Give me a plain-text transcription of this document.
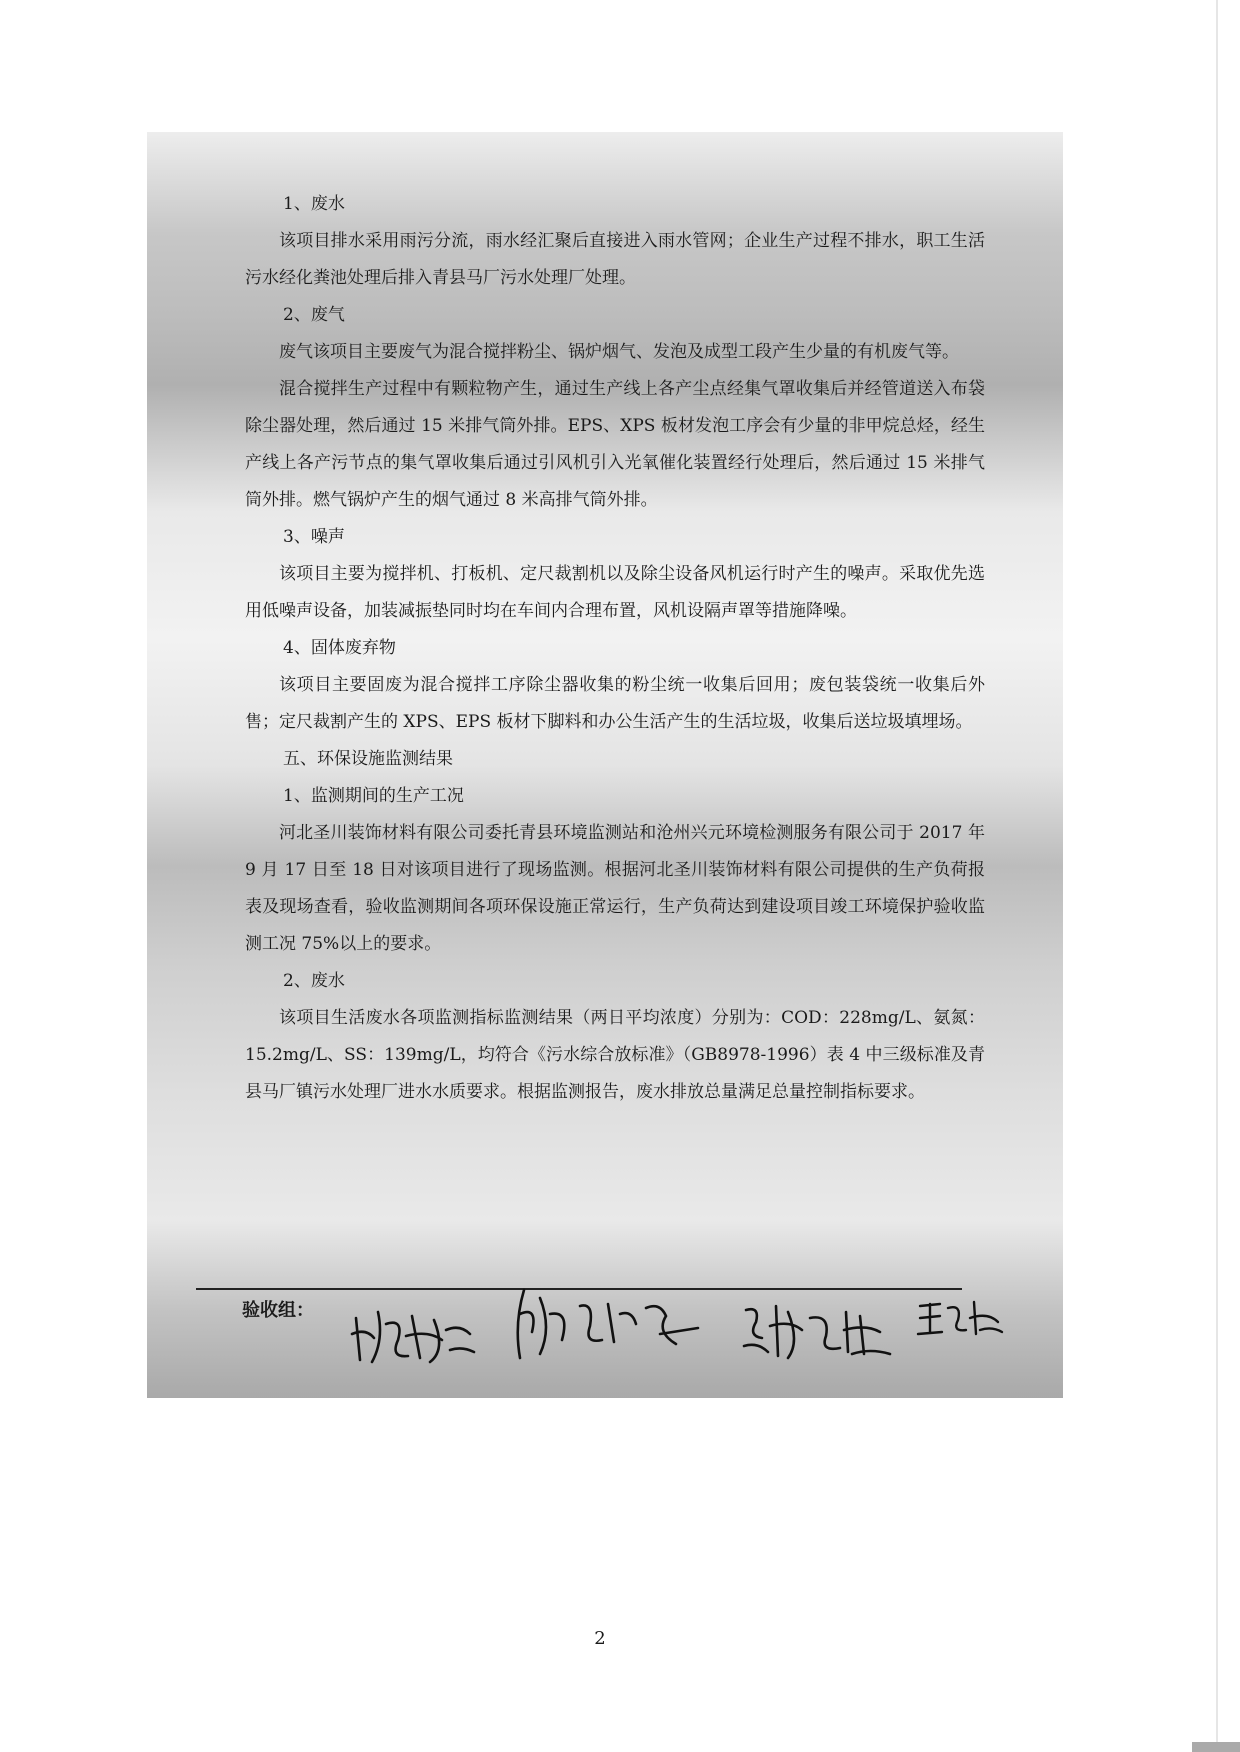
1、废水
该项目排水采用雨污分流，雨水经汇聚后直接进入雨水管网；企业生产过程不排水，职工生活污水经化粪池处理后排入青县马厂污水处理厂处理。
2、废气
废气该项目主要废气为混合搅拌粉尘、锅炉烟气、发泡及成型工段产生少量的有机废气等。
混合搅拌生产过程中有颗粒物产生，通过生产线上各产尘点经集气罩收集后并经管道送入布袋除尘器处理，然后通过 15 米排气筒外排。EPS、XPS 板材发泡工序会有少量的非甲烷总烃，经生产线上各产污节点的集气罩收集后通过引风机引入光氧催化装置经行处理后，然后通过 15 米排气筒外排。燃气锅炉产生的烟气通过 8 米高排气筒外排。
3、噪声
该项目主要为搅拌机、打板机、定尺裁割机以及除尘设备风机运行时产生的噪声。采取优先选用低噪声设备，加装减振垫同时均在车间内合理布置，风机设隔声罩等措施降噪。
4、固体废弃物
该项目主要固废为混合搅拌工序除尘器收集的粉尘统一收集后回用；废包装袋统一收集后外售；定尺裁割产生的 XPS、EPS 板材下脚料和办公生活产生的生活垃圾，收集后送垃圾填埋场。
五、环保设施监测结果
1、监测期间的生产工况
河北圣川装饰材料有限公司委托青县环境监测站和沧州兴元环境检测服务有限公司于 2017 年 9 月 17 日至 18 日对该项目进行了现场监测。根据河北圣川装饰材料有限公司提供的生产负荷报表及现场查看，验收监测期间各项环保设施正常运行，生产负荷达到建设项目竣工环境保护验收监测工况 75%以上的要求。
2、废水
该项目生活废水各项监测指标监测结果（两日平均浓度）分别为：COD：228mg/L、氨氮：15.2mg/L、SS：139mg/L，均符合《污水综合放标准》（GB8978-1996）表 4 中三级标准及青县马厂镇污水处理厂进水水质要求。根据监测报告，废水排放总量满足总量控制指标要求。
验收组：
2
